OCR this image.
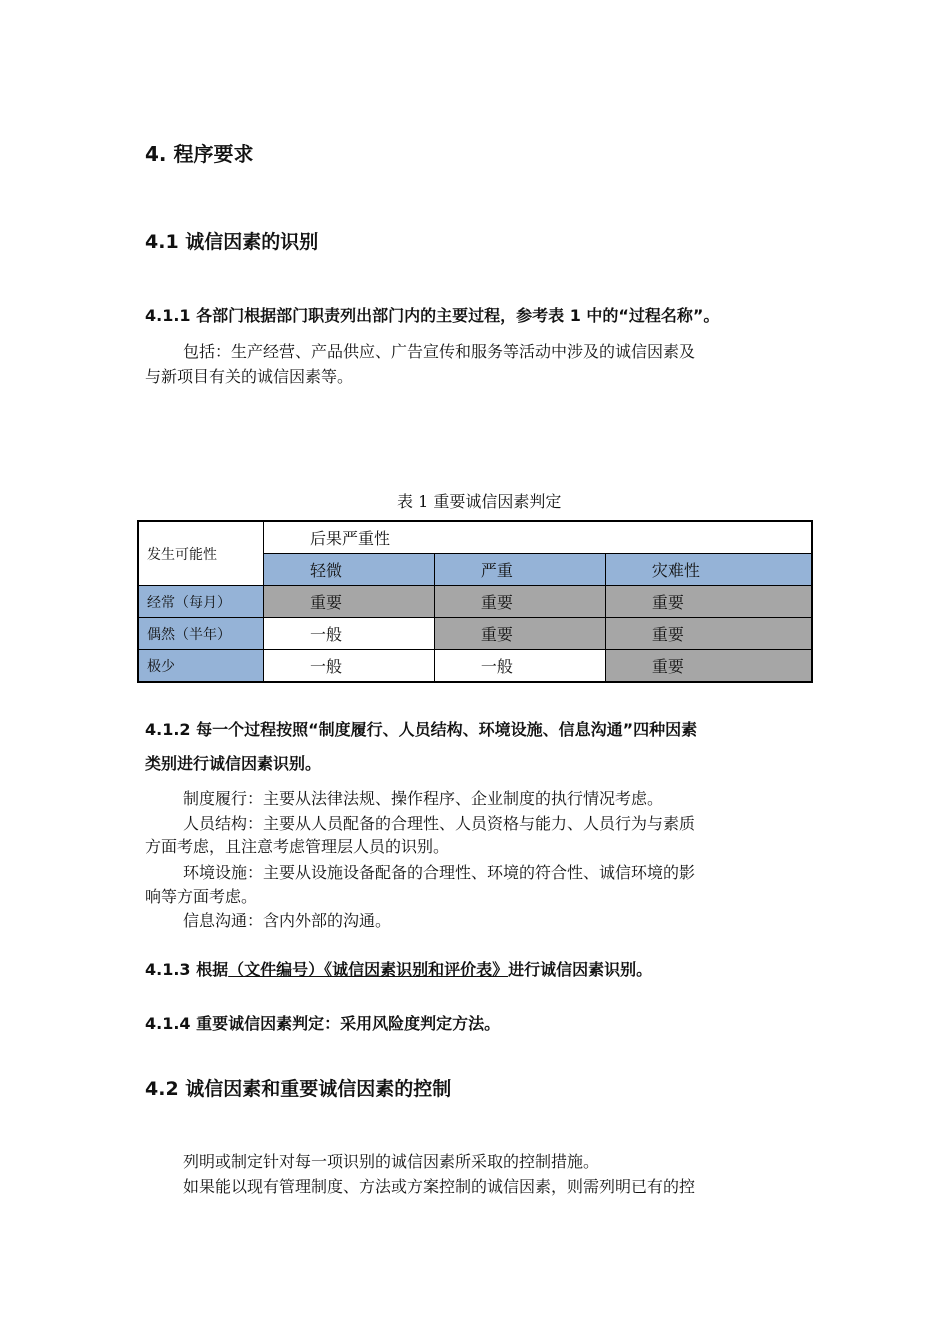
4. 程序要求
4.1 诚信因素的识别
4.1.1 各部门根据部门职责列出部门内的主要过程，参考表 1 中的“过程名称”。
包括：生产经营、产品供应、广告宣传和服务等活动中涉及的诚信因素及
与新项目有关的诚信因素等。
表 1 重要诚信因素判定
发生可能性	后果严重性		
	轻微	严重	灾难性
经常（每月）	重要	重要	重要
偶然（半年）	一般	重要	重要
极少	一般	一般	重要
4.1.2 每一个过程按照“制度履行、人员结构、环境设施、信息沟通”四种因素
类别进行诚信因素识别。
制度履行：主要从法律法规、操作程序、企业制度的执行情况考虑。
人员结构：主要从人员配备的合理性、人员资格与能力、人员行为与素质
方面考虑，且注意考虑管理层人员的识别。
环境设施：主要从设施设备配备的合理性、环境的符合性、诚信环境的影
响等方面考虑。
信息沟通：含内外部的沟通。
4.1.3 根据（文件编号）《诚信因素识别和评价表》进行诚信因素识别。
4.1.4 重要诚信因素判定：采用风险度判定方法。
4.2 诚信因素和重要诚信因素的控制
列明或制定针对每一项识别的诚信因素所采取的控制措施。
如果能以现有管理制度、方法或方案控制的诚信因素，则需列明已有的控
